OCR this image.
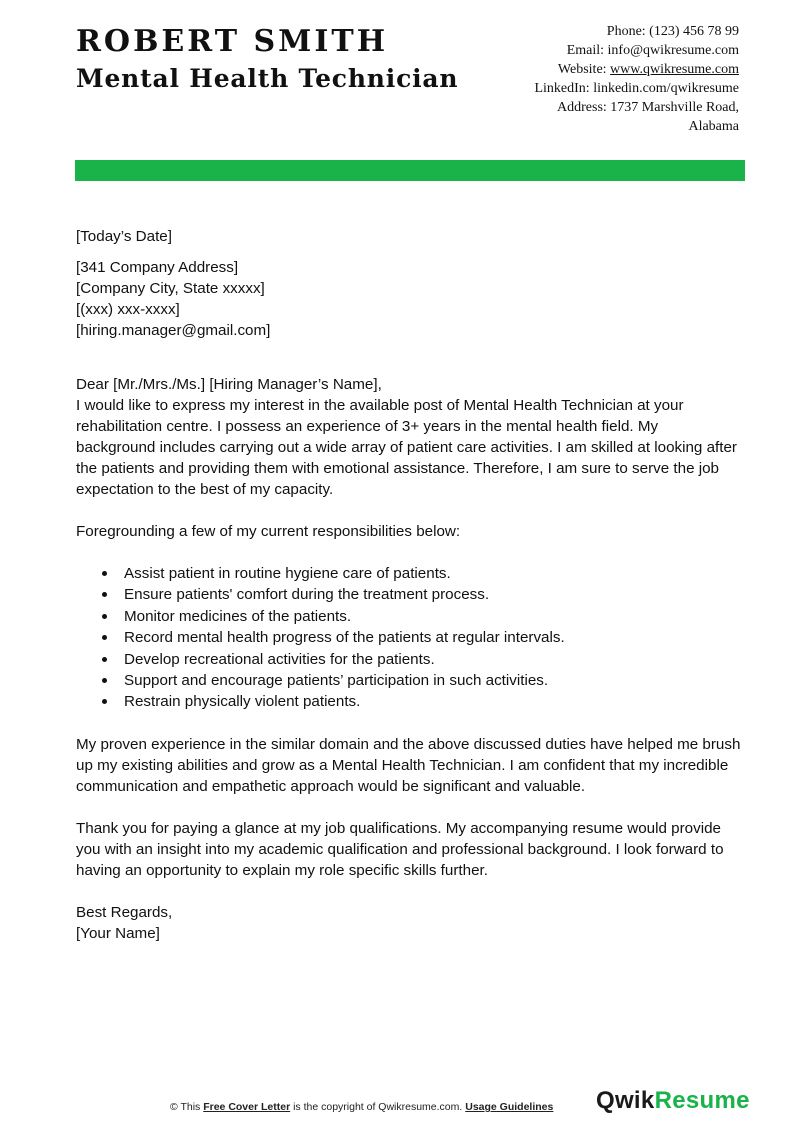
ROBERT SMITH
Mental Health Technician
Phone: (123) 456 78 99
Email: info@qwikresume.com
Website: www.qwikresume.com
LinkedIn: linkedin.com/qwikresume
Address: 1737 Marshville Road,
Alabama

[Today’s Date]

[341 Company Address]

[Company City, State xxxxx]

[(xxx) xxx-xxxx]

[hiring.manager@gmail.com]

Dear [Mr./Mrs./Ms.] [Hiring Manager’s Name],

I would like to express my interest in the available post of Mental Health Technician at your rehabilitation centre. I possess an experience of 3+ years in the mental health field. My background includes carrying out a wide array of patient care activities. I am skilled at looking after the patients and providing them with emotional assistance. Therefore, I am sure to serve the job expectation to the best of my capacity.

Foregrounding a few of my current responsibilities below:

Assist patient in routine hygiene care of patients.
Ensure patients' comfort during the treatment process.
Monitor medicines of the patients.
Record mental health progress of the patients at regular intervals.
Develop recreational activities for the patients.
Support and encourage patients’ participation in such activities.
Restrain physically violent patients.

My proven experience in the similar domain and the above discussed duties have helped me brush up my existing abilities and grow as a Mental Health Technician. I am confident that my incredible communication and empathetic approach would be significant and valuable.

Thank you for paying a glance at my job qualifications. My accompanying resume would provide you with an insight into my academic qualification and professional background. I look forward to having an opportunity to explain my role specific skills further.

Best Regards,

[Your Name]

© This Free Cover Letter is the copyright of Qwikresume.com. Usage Guidelines QwikResume
